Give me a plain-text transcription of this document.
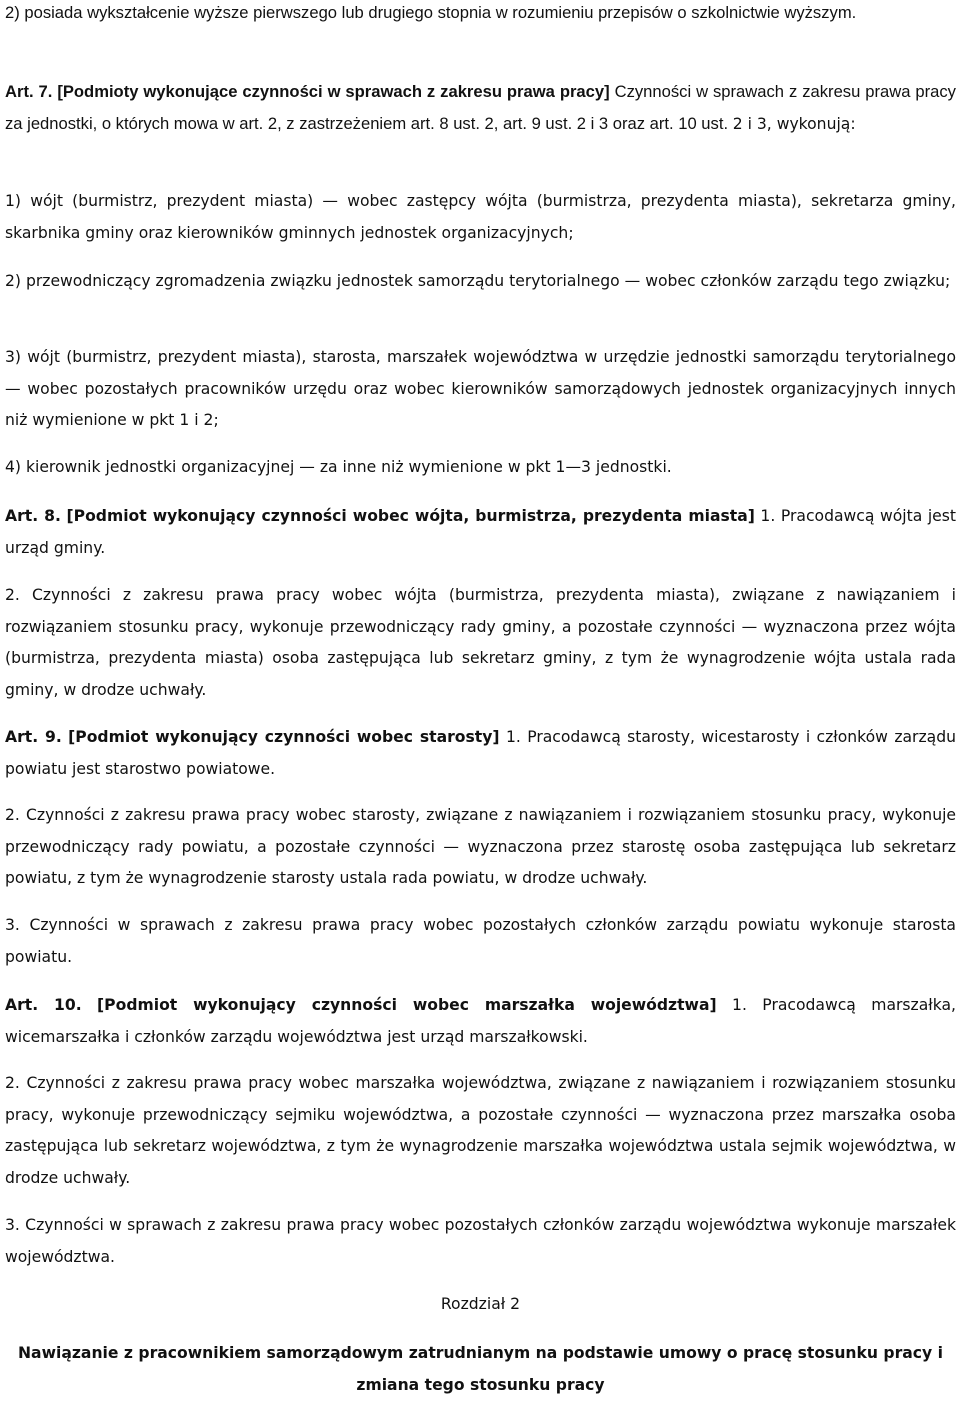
2) posiada wykształcenie wyższe pierwszego lub drugiego stopnia w rozumieniu przepisów o szkolnictwie wyższym.

Art. 7. [Podmioty wykonujące czynności w sprawach z zakresu prawa pracy] Czynności w sprawach z zakresu prawa pracy za jednostki, o których mowa w art. 2, z zastrzeżeniem art. 8 ust. 2, art. 9 ust. 2 i 3 oraz art. 10 ust. 2 i 3, wykonują:

1) wójt (burmistrz, prezydent miasta) — wobec zastępcy wójta (burmistrza, prezydenta miasta), sekretarza gminy, skarbnika gminy oraz kierowników gminnych jednostek organizacyjnych;

2) przewodniczący zgromadzenia związku jednostek samorządu terytorialnego — wobec członków zarządu tego związku;

3) wójt (burmistrz, prezydent miasta), starosta, marszałek województwa w urzędzie jednostki samorządu terytorialnego — wobec pozostałych pracowników urzędu oraz wobec kierowników samorządowych jednostek organizacyjnych innych niż wymienione w pkt 1 i 2;

4) kierownik jednostki organizacyjnej — za inne niż wymienione w pkt 1—3 jednostki.

Art. 8. [Podmiot wykonujący czynności wobec wójta, burmistrza, prezydenta miasta] 1. Pracodawcą wójta jest urząd gminy.

2. Czynności z zakresu prawa pracy wobec wójta (burmistrza, prezydenta miasta), związane z nawiązaniem i rozwiązaniem stosunku pracy, wykonuje przewodniczący rady gminy, a pozostałe czynności — wyznaczona przez wójta (burmistrza, prezydenta miasta) osoba zastępująca lub sekretarz gminy, z tym że wynagrodzenie wójta ustala rada gminy, w drodze uchwały.

Art. 9. [Podmiot wykonujący czynności wobec starosty] 1. Pracodawcą starosty, wicestarosty i członków zarządu powiatu jest starostwo powiatowe.

2. Czynności z zakresu prawa pracy wobec starosty, związane z nawiązaniem i rozwiązaniem stosunku pracy, wykonuje przewodniczący rady powiatu, a pozostałe czynności — wyznaczona przez starostę osoba zastępująca lub sekretarz powiatu, z tym że wynagrodzenie starosty ustala rada powiatu, w drodze uchwały.

3. Czynności w sprawach z zakresu prawa pracy wobec pozostałych członków zarządu powiatu wykonuje starosta powiatu.

Art. 10. [Podmiot wykonujący czynności wobec marszałka województwa] 1. Pracodawcą marszałka, wicemarszałka i członków zarządu województwa jest urząd marszałkowski.

2. Czynności z zakresu prawa pracy wobec marszałka województwa, związane z nawiązaniem i rozwiązaniem stosunku pracy, wykonuje przewodniczący sejmiku województwa, a pozostałe czynności — wyznaczona przez marszałka osoba zastępująca lub sekretarz województwa, z tym że wynagrodzenie marszałka województwa ustala sejmik województwa, w drodze uchwały.

3. Czynności w sprawach z zakresu prawa pracy wobec pozostałych członków zarządu województwa wykonuje marszałek województwa.

Rozdział 2

Nawiązanie z pracownikiem samorządowym zatrudnianym na podstawie umowy o pracę stosunku pracy i zmiana tego stosunku pracy
